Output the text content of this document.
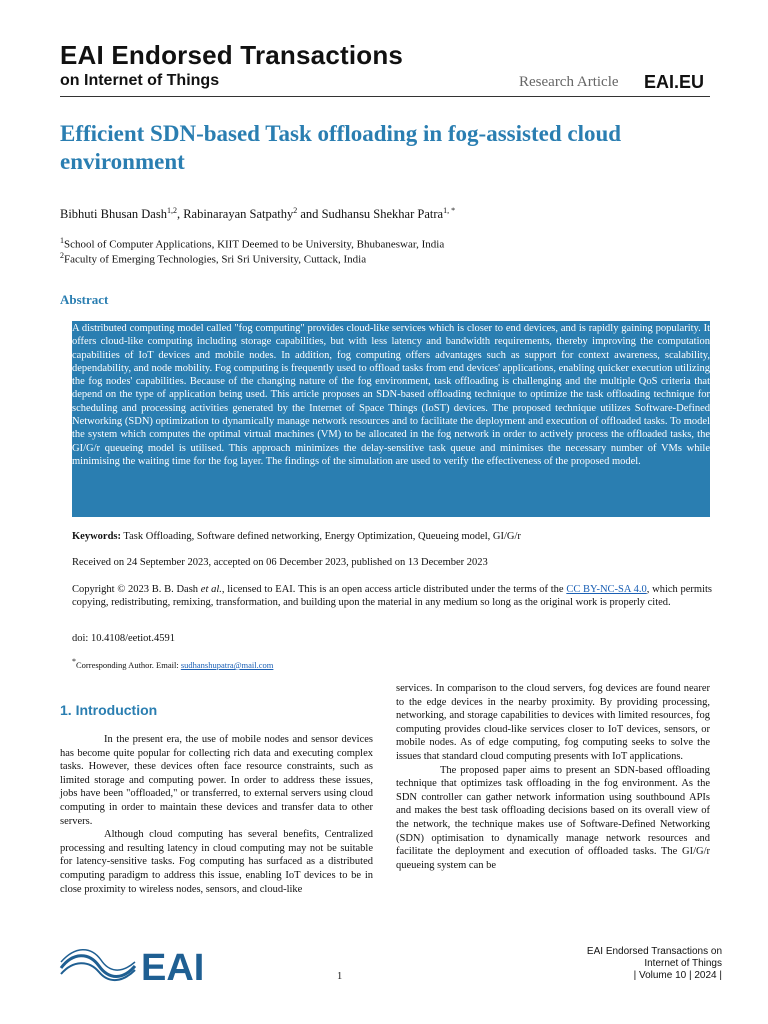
EAI Endorsed Transactions
on Internet of Things	Research Article EAI.EU
Efficient SDN-based Task offloading in fog-assisted cloud environment
Bibhuti Bhusan Dash$^{1,2}$, Rabinarayan Satpathy$^2$ and Sudhansu Shekhar Patra$^{1, *}$
$^1$School of Computer Applications, KIIT Deemed to be University, Bhubaneswar, India
$^2$Faculty of Emerging Technologies, Sri Sri University, Cuttack, India
Abstract
A distributed computing model called "fog computing" provides cloud-like services which is closer to end devices, and is rapidly gaining popularity. It offers cloud-like computing including storage capabilities, but with less latency and bandwidth requirements, thereby improving the computation capabilities of IoT devices and mobile nodes. In addition, fog computing offers advantages such as support for context awareness, scalability, dependability, and node mobility. Fog computing is frequently used to offload tasks from end devices' applications, enabling quicker execution utilizing the fog nodes' capabilities. Because of the changing nature of the fog environment, task offloading is challenging and the multiple QoS criteria that depend on the type of application being used. This article proposes an SDN-based offloading technique to optimize the task offloading technique for scheduling and processing activities generated by the Internet of Space Things (IoST) devices. The proposed technique utilizes Software-Defined Networking (SDN) optimization to dynamically manage network resources and to facilitate the deployment and execution of offloaded tasks. To model the system which computes the optimal virtual machines (VM) to be allocated in the fog network in order to actively process the offloaded tasks, the GI/G/r queueing model is utilised. This approach minimizes the delay-sensitive task queue and minimises the necessary number of VMs while minimising the waiting time for the fog layer. The findings of the simulation are used to verify the effectiveness of the proposed model.
Keywords: Task Offloading, Software defined networking, Energy Optimization, Queueing model, GI/G/r
Received on 24 September 2023, accepted on 06 December 2023, published on 13 December 2023
Copyright © 2023 B. B. Dash et al., licensed to EAI. This is an open access article distributed under the terms of the CC BY-NC-SA 4.0, which permits copying, redistributing, remixing, transformation, and building upon the material in any medium so long as the original work is properly cited.
doi: 10.4108/eetiot.4591
*Corresponding Author. Email: sudhanshupatra@mail.com
1. Introduction

In the present era, the use of mobile nodes and sensor devices has become quite popular for collecting rich data and executing complex tasks. However, these devices often face resource constraints, such as limited storage and computing power. In order to address these issues, jobs have been "offloaded," or transferred, to external servers using cloud computing in order to maintain these devices and transfer data to other servers.

Although cloud computing has several benefits, Centralized processing and resulting latency in cloud computing may not be suitable for latency-sensitive tasks. Fog computing has surfaced as a distributed computing paradigm to address this issue, enabling IoT devices to be in close proximity to wireless nodes, sensors, and cloud-like

services. In comparison to the cloud servers, fog devices are found nearer to the edge devices in the nearby proximity. By providing processing, networking, and storage capabilities to devices with limited resources, fog computing provides cloud-like services closer to IoT devices, sensors, or mobile nodes. As of edge computing, fog computing seeks to solve the issues that standard cloud computing presents with IoT applications.

The proposed paper aims to present an SDN-based offloading technique that optimizes task offloading in the fog environment. As the SDN controller can gather network information using southbound APIs and makes the best task offloading decisions based on its overall view of the network, the technique makes use of Software-Defined Networking (SDN) optimisation to dynamically manage network resources and facilitate the deployment and execution of offloaded tasks. The GI/G/r queueing system can be

EAI	1
EAI Endorsed Transactions on
Internet of Things
| Volume 10 | 2024 |
